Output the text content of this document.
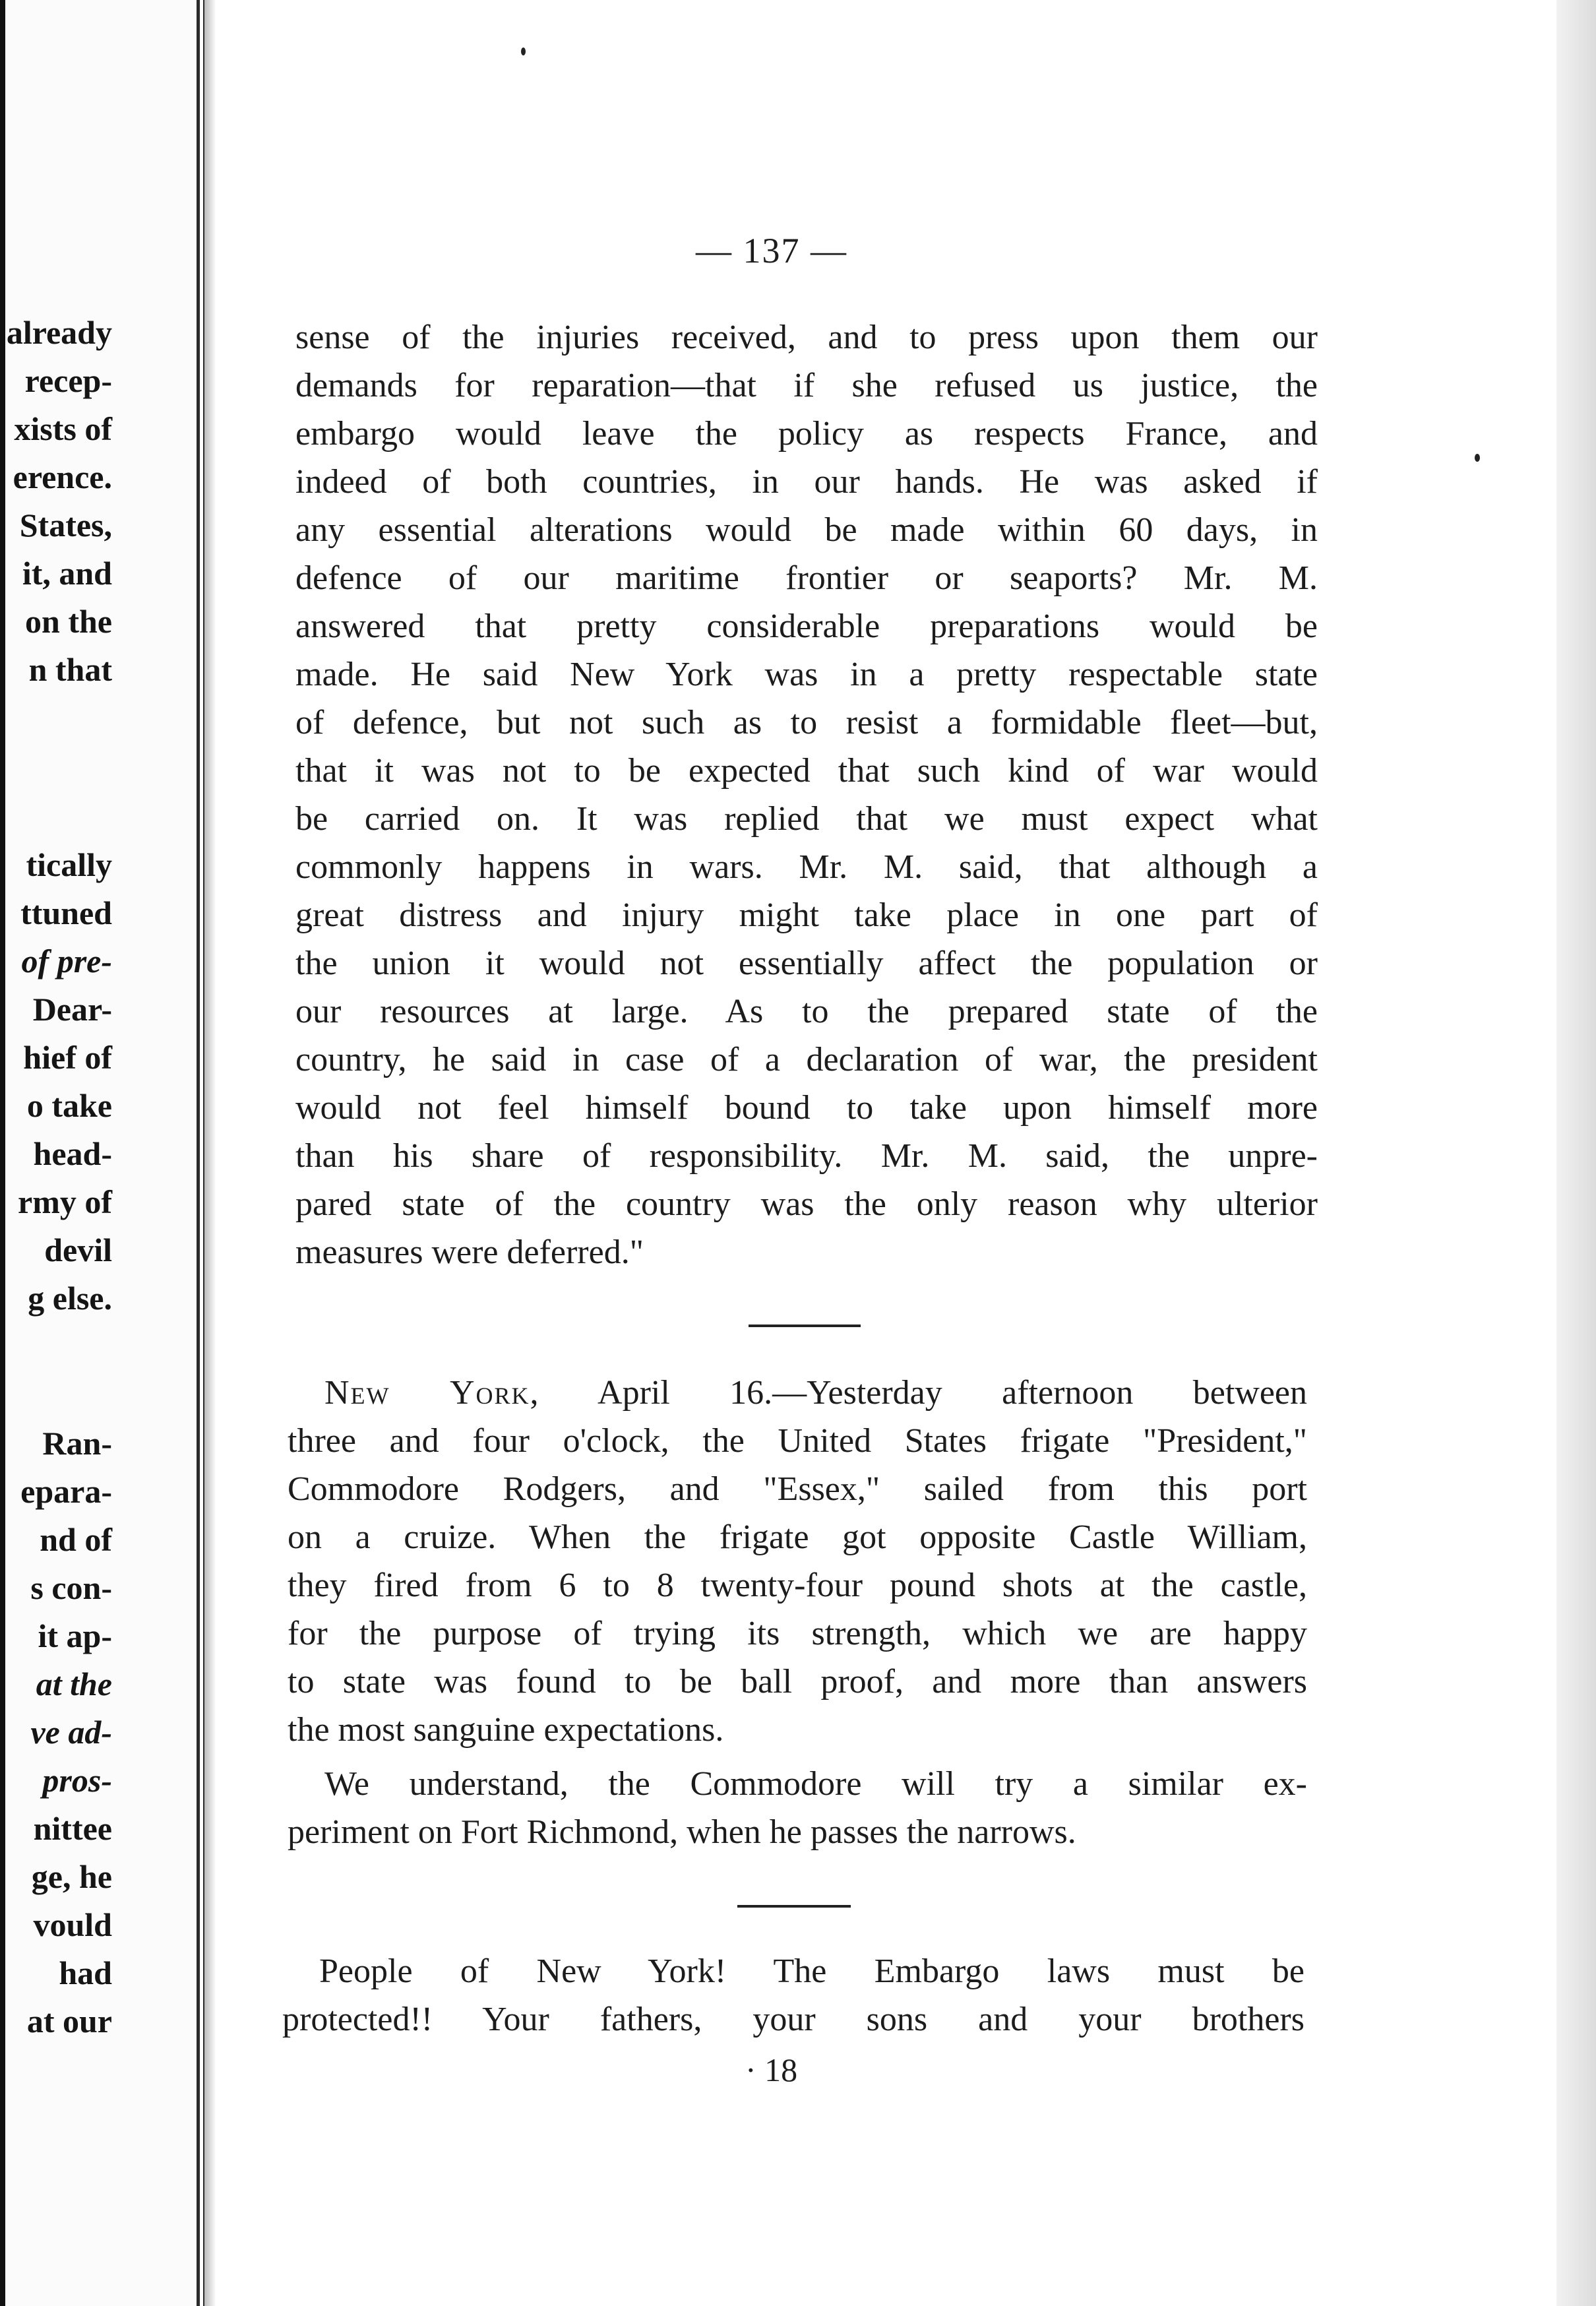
already
recep-
xists of
erence.
States,
it, and
on the
n that
tically
ttuned
of pre-
Dear-
hief of
o take
head-
rmy of
devil
g else.
Ran-
epara-
nd of
s con-
it ap-
at the
ve ad-
pros-
nittee
ge, he
vould
had
at our
— 137 —
sense of the injuries received, and to press upon them our
demands for reparation—that if she refused us justice, the
embargo would leave the policy as respects France, and
indeed of both countries, in our hands. He was asked if
any essential alterations would be made within 60 days, in
defence of our maritime frontier or seaports? Mr. M.
answered that pretty considerable preparations would be
made. He said New York was in a pretty respectable state
of defence, but not such as to resist a formidable fleet—but,
that it was not to be expected that such kind of war would
be carried on. It was replied that we must expect what
commonly happens in wars. Mr. M. said, that although a
great distress and injury might take place in one part of
the union it would not essentially affect the population or
our resources at large. As to the prepared state of the
country, he said in case of a declaration of war, the president
would not feel himself bound to take upon himself more
than his share of responsibility. Mr. M. said, the unpre-
pared state of the country was the only reason why ulterior
measures were deferred."
New York, April 16.—Yesterday afternoon between
three and four o'clock, the United States frigate "President,"
Commodore Rodgers, and "Essex," sailed from this port
on a cruize. When the frigate got opposite Castle William,
they fired from 6 to 8 twenty-four pound shots at the castle,
for the purpose of trying its strength, which we are happy
to state was found to be ball proof, and more than answers
the most sanguine expectations.
We understand, the Commodore will try a similar ex-
periment on Fort Richmond, when he passes the narrows.
People of New York! The Embargo laws must be
protected!! Your fathers, your sons and your brothers
· 18
